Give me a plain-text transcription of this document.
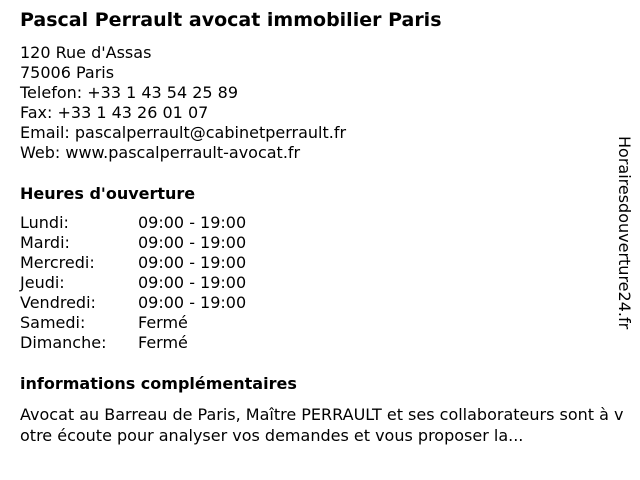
Pascal Perrault avocat immobilier Paris
120 Rue d'Assas
75006 Paris
Telefon: +33 1 43 54 25 89
Fax: +33 1 43 26 01 07
Email: pascalperrault@cabinetperrault.fr
Web: www.pascalperrault-avocat.fr
Heures d'ouverture
Lundi:	09:00 - 19:00
Mardi:	09:00 - 19:00
Mercredi:	09:00 - 19:00
Jeudi:	09:00 - 19:00
Vendredi:	09:00 - 19:00
Samedi:	Fermé
Dimanche:	Fermé
informations complémentaires
Avocat au Barreau de Paris, Maître PERRAULT et ses collaborateurs sont à votre écoute pour analyser vos demandes et vous proposer la...
Horairesdouverture24.fr
